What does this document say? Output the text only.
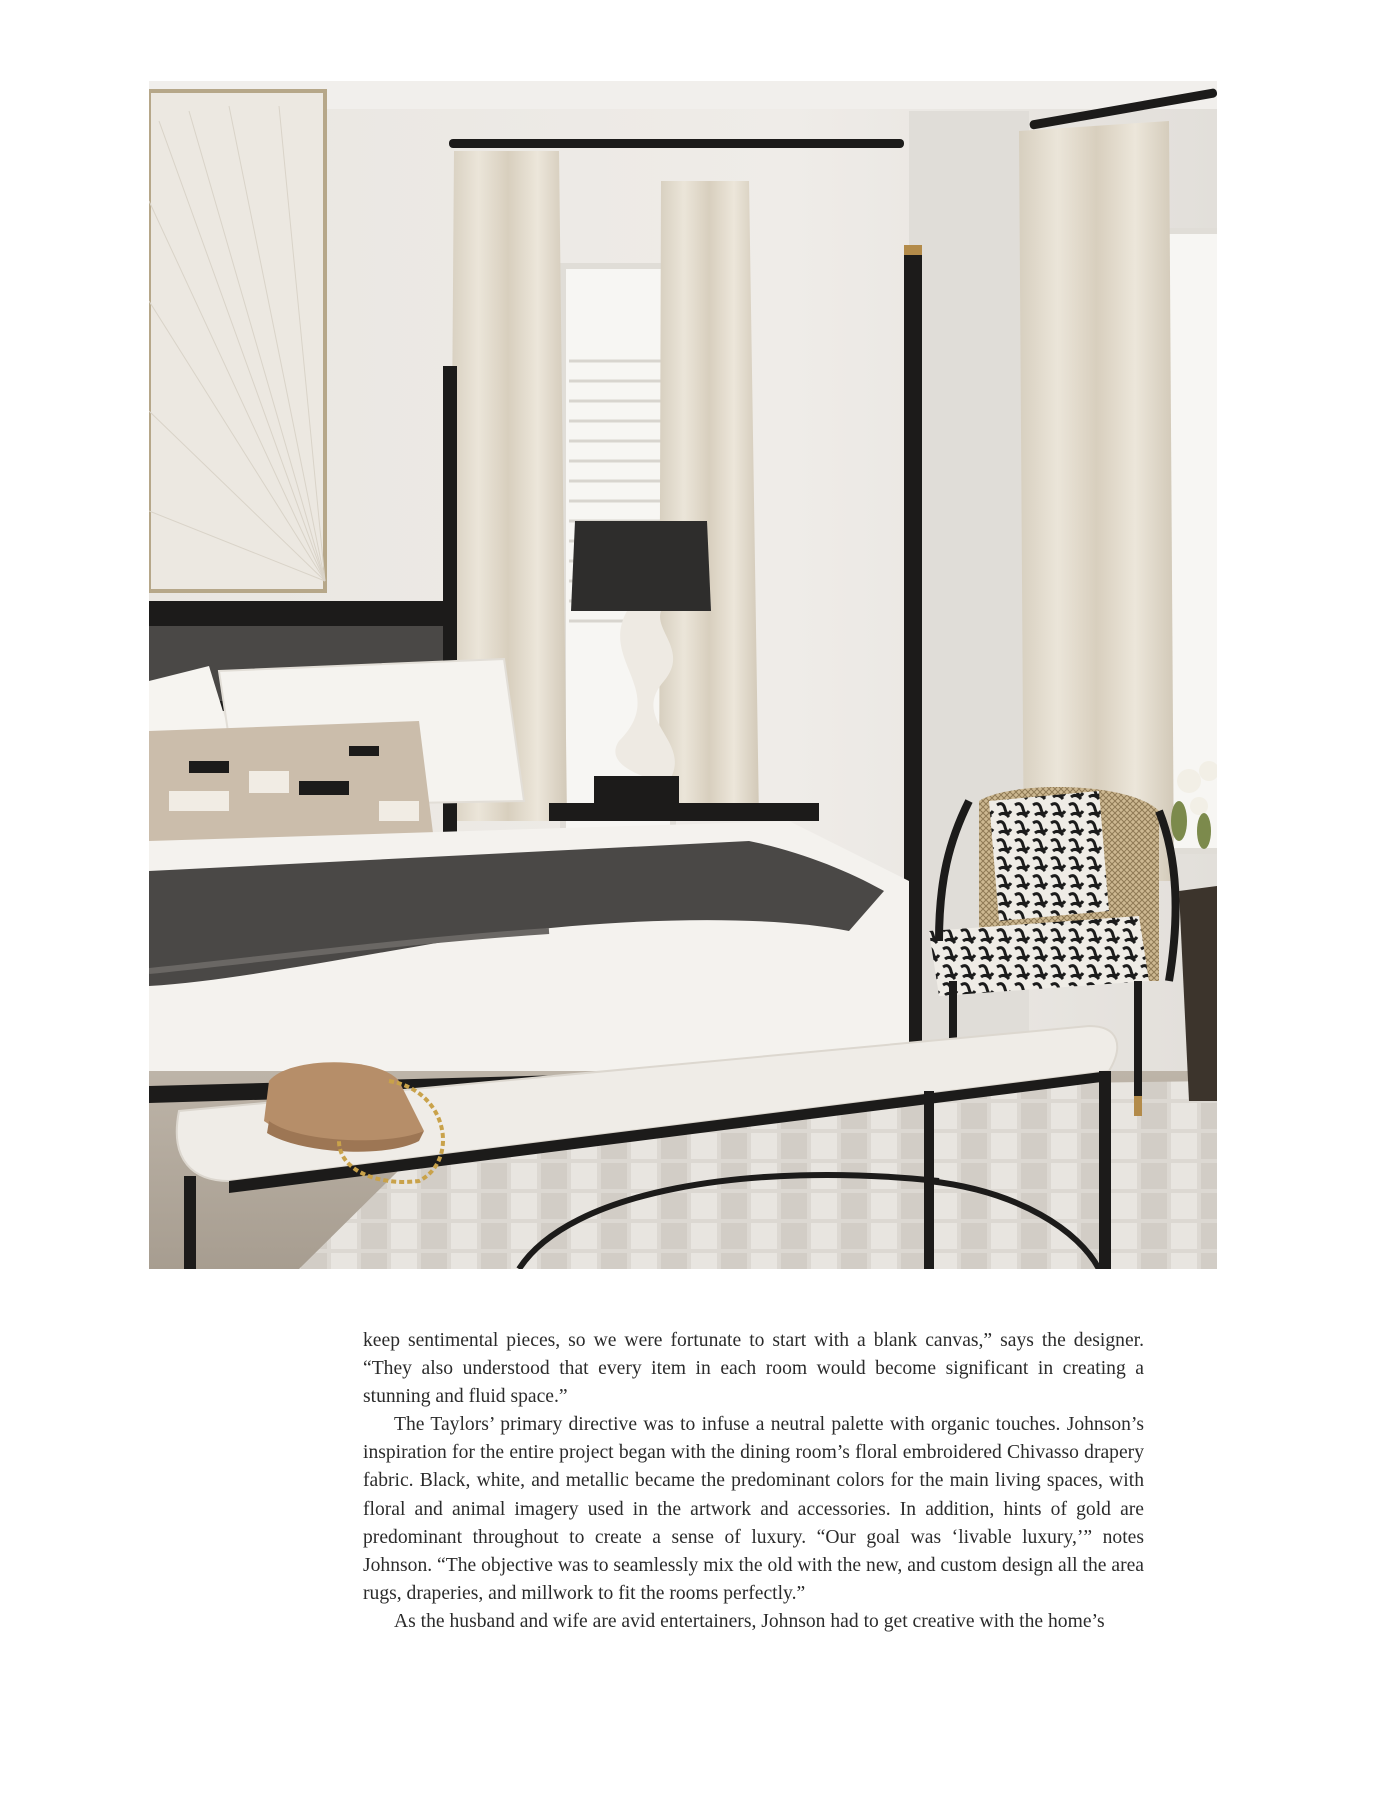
keep sentimental pieces, so we were fortunate to start with a blank canvas,” says the designer. “They also understood that every item in each room would become significant in creating a stunning and fluid space.”

The Taylors’ primary directive was to infuse a neutral palette with organic touches. Johnson’s inspiration for the entire project began with the dining room’s floral embroidered Chivasso drapery fabric. Black, white, and metallic became the predominant colors for the main living spaces, with floral and animal imagery used in the artwork and accessories. In addition, hints of gold are predominant throughout to create a sense of luxury. “Our goal was ‘livable luxury,’” notes Johnson. “The objective was to seamlessly mix the old with the new, and custom design all the area rugs, draperies, and millwork to fit the rooms perfectly.”

As the husband and wife are avid entertainers, Johnson had to get creative with the home’s
